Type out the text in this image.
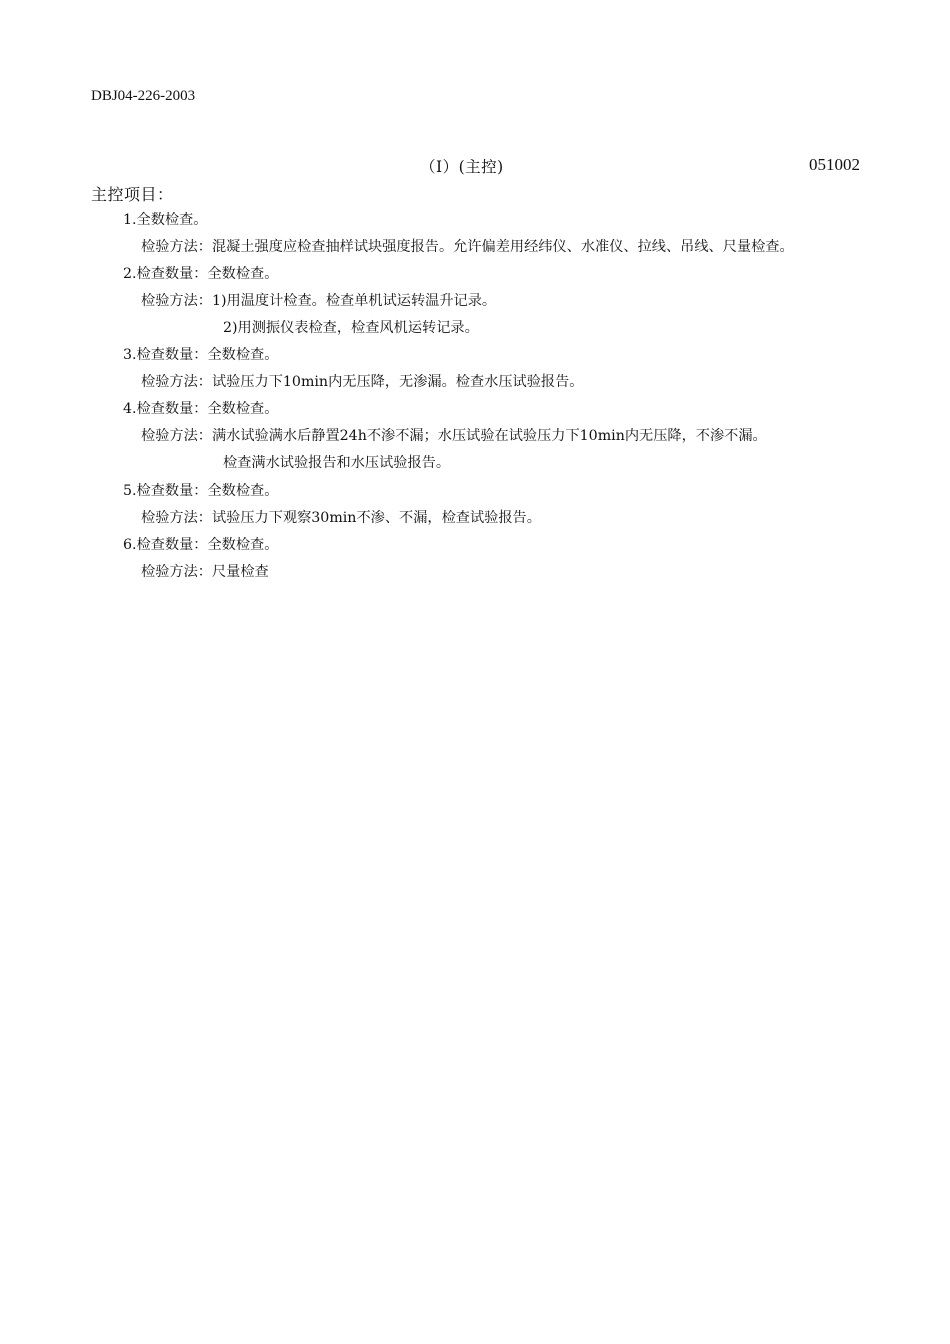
DBJ04-226-2003
（Ⅰ）(主控)	051002
主控项目：
1.全数检查。
检验方法：混凝土强度应检查抽样试块强度报告。允许偏差用经纬仪、水准仪、拉线、吊线、尺量检查。
2.检查数量：全数检查。
检验方法：1)用温度计检查。检查单机试运转温升记录。
2)用测振仪表检查，检查风机运转记录。
3.检查数量：全数检查。
检验方法：试验压力下10min内无压降，无渗漏。检查水压试验报告。
4.检查数量：全数检查。
检验方法：满水试验满水后静置24h不渗不漏；水压试验在试验压力下10min内无压降，不渗不漏。
检查满水试验报告和水压试验报告。
5.检查数量：全数检查。
检验方法：试验压力下观察30min不渗、不漏，检查试验报告。
6.检查数量：全数检查。
检验方法：尺量检查
